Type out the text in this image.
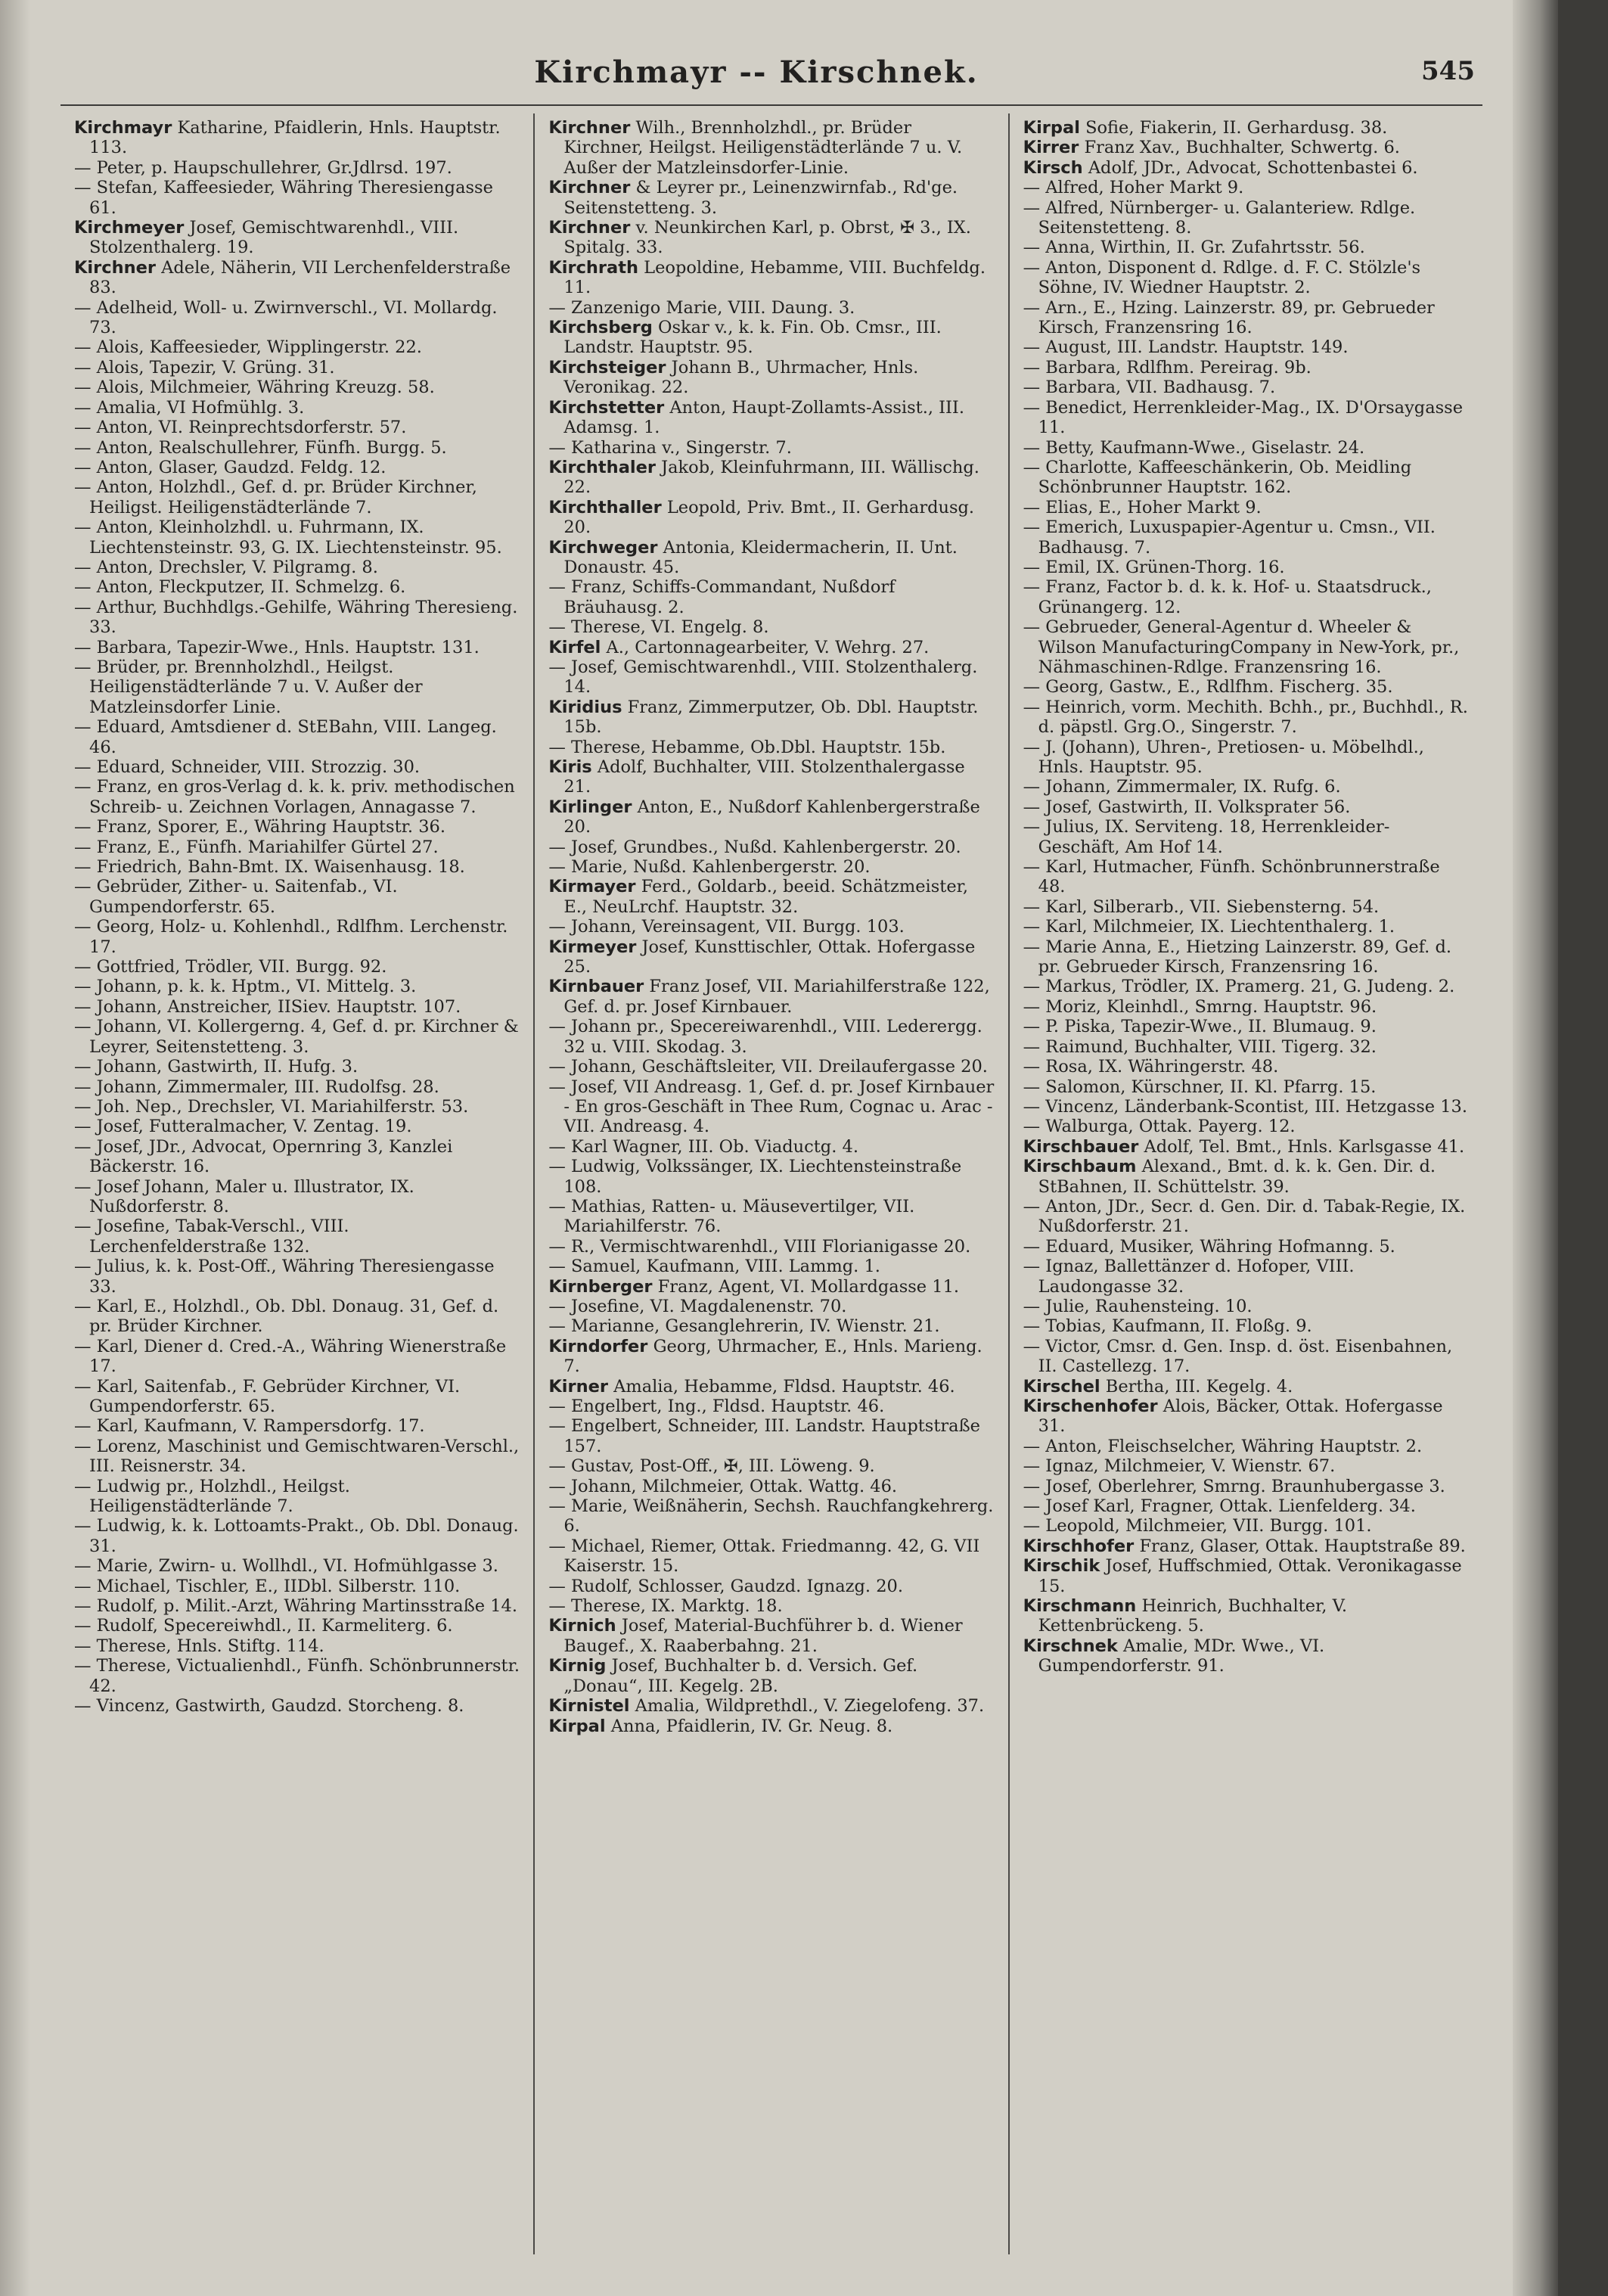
Kirchmayr -- Kirschnek.	545

Kirchmayr Katharine, Pfaidlerin, Hnls. Hauptstr. 113.

— Peter, p. Haupschullehrer, Gr.Jdlrsd. 197.

— Stefan, Kaffeesieder, Währing Theresiengasse 61.

Kirchmeyer Josef, Gemischtwarenhdl., VIII. Stolzenthalerg. 19.

Kirchner Adele, Näherin, VII Lerchenfelderstraße 83.

— Adelheid, Woll- u. Zwirnverschl., VI. Mollardg. 73.

— Alois, Kaffeesieder, Wipplingerstr. 22.

— Alois, Tapezir, V. Grüng. 31.

— Alois, Milchmeier, Währing Kreuzg. 58.

— Amalia, VI Hofmühlg. 3.

— Anton, VI. Reinprechtsdorferstr. 57.

— Anton, Realschullehrer, Fünfh. Burgg. 5.

— Anton, Glaser, Gaudzd. Feldg. 12.

— Anton, Holzhdl., Gef. d. pr. Brüder Kirchner, Heiligst. Heiligenstädterlände 7.

— Anton, Kleinholzhdl. u. Fuhrmann, IX. Liechtensteinstr. 93, G. IX. Liechtensteinstr. 95.

— Anton, Drechsler, V. Pilgramg. 8.

— Anton, Fleckputzer, II. Schmelzg. 6.

— Arthur, Buchhdlgs.-Gehilfe, Währing Theresieng. 33.

— Barbara, Tapezir-Wwe., Hnls. Hauptstr. 131.

— Brüder, pr. Brennholzhdl., Heilgst. Heiligenstädterlände 7 u. V. Außer der Matzleinsdorfer Linie.

— Eduard, Amtsdiener d. StEBahn, VIII. Langeg. 46.

— Eduard, Schneider, VIII. Strozzig. 30.

— Franz, en gros-Verlag d. k. k. priv. methodischen Schreib- u. Zeichnen Vorlagen, Annagasse 7.

— Franz, Sporer, E., Währing Hauptstr. 36.

— Franz, E., Fünfh. Mariahilfer Gürtel 27.

— Friedrich, Bahn-Bmt. IX. Waisenhausg. 18.

— Gebrüder, Zither- u. Saitenfab., VI. Gumpendorferstr. 65.

— Georg, Holz- u. Kohlenhdl., Rdlfhm. Lerchenstr. 17.

— Gottfried, Trödler, VII. Burgg. 92.

— Johann, p. k. k. Hptm., VI. Mittelg. 3.

— Johann, Anstreicher, IISiev. Hauptstr. 107.

— Johann, VI. Kollergerng. 4, Gef. d. pr. Kirchner & Leyrer, Seitenstetteng. 3.

— Johann, Gastwirth, II. Hufg. 3.

— Johann, Zimmermaler, III. Rudolfsg. 28.

— Joh. Nep., Drechsler, VI. Mariahilferstr. 53.

— Josef, Futteralmacher, V. Zentag. 19.

— Josef, JDr., Advocat, Opernring 3, Kanzlei Bäckerstr. 16.

— Josef Johann, Maler u. Illustrator, IX. Nußdorferstr. 8.

— Josefine, Tabak-Verschl., VIII. Lerchenfelderstraße 132.

— Julius, k. k. Post-Off., Währing Theresiengasse 33.

— Karl, E., Holzhdl., Ob. Dbl. Donaug. 31, Gef. d. pr. Brüder Kirchner.

— Karl, Diener d. Cred.-A., Währing Wienerstraße 17.

— Karl, Saitenfab., F. Gebrüder Kirchner, VI. Gumpendorferstr. 65.

— Karl, Kaufmann, V. Rampersdorfg. 17.

— Lorenz, Maschinist und Gemischtwaren-Verschl., III. Reisnerstr. 34.

— Ludwig pr., Holzhdl., Heilgst. Heiligenstädterlände 7.

— Ludwig, k. k. Lottoamts-Prakt., Ob. Dbl. Donaug. 31.

— Marie, Zwirn- u. Wollhdl., VI. Hofmühlgasse 3.

— Michael, Tischler, E., IIDbl. Silberstr. 110.

— Rudolf, p. Milit.-Arzt, Währing Martinsstraße 14.

— Rudolf, Specereiwhdl., II. Karmeliterg. 6.

— Therese, Hnls. Stiftg. 114.

— Therese, Victualienhdl., Fünfh. Schönbrunnerstr. 42.

— Vincenz, Gastwirth, Gaudzd. Storcheng. 8.

Kirchner Wilh., Brennholzhdl., pr. Brüder Kirchner, Heilgst. Heiligenstädterlände 7 u. V. Außer der Matzleinsdorfer-Linie.

Kirchner & Leyrer pr., Leinenzwirnfab., Rd'ge. Seitenstetteng. 3.

Kirchner v. Neunkirchen Karl, p. Obrst, ✠ 3., IX. Spitalg. 33.

Kirchrath Leopoldine, Hebamme, VIII. Buchfeldg. 11.

— Zanzenigo Marie, VIII. Daung. 3.

Kirchsberg Oskar v., k. k. Fin. Ob. Cmsr., III. Landstr. Hauptstr. 95.

Kirchsteiger Johann B., Uhrmacher, Hnls. Veronikag. 22.

Kirchstetter Anton, Haupt-Zollamts-Assist., III. Adamsg. 1.

— Katharina v., Singerstr. 7.

Kirchthaler Jakob, Kleinfuhrmann, III. Wällischg. 22.

Kirchthaller Leopold, Priv. Bmt., II. Gerhardusg. 20.

Kirchweger Antonia, Kleidermacherin, II. Unt. Donaustr. 45.

— Franz, Schiffs-Commandant, Nußdorf Bräuhausg. 2.

— Therese, VI. Engelg. 8.

Kirfel A., Cartonnagearbeiter, V. Wehrg. 27.

— Josef, Gemischtwarenhdl., VIII. Stolzenthalerg. 14.

Kiridius Franz, Zimmerputzer, Ob. Dbl. Hauptstr. 15b.

— Therese, Hebamme, Ob.Dbl. Hauptstr. 15b.

Kiris Adolf, Buchhalter, VIII. Stolzenthalergasse 21.

Kirlinger Anton, E., Nußdorf Kahlenbergerstraße 20.

— Josef, Grundbes., Nußd. Kahlenbergerstr. 20.

— Marie, Nußd. Kahlenbergerstr. 20.

Kirmayer Ferd., Goldarb., beeid. Schätzmeister, E., NeuLrchf. Hauptstr. 32.

— Johann, Vereinsagent, VII. Burgg. 103.

Kirmeyer Josef, Kunsttischler, Ottak. Hofergasse 25.

Kirnbauer Franz Josef, VII. Mariahilferstraße 122, Gef. d. pr. Josef Kirnbauer.

— Johann pr., Specereiwarenhdl., VIII. Lederergg. 32 u. VIII. Skodag. 3.

— Johann, Geschäftsleiter, VII. Dreilaufergasse 20.

— Josef, VII Andreasg. 1, Gef. d. pr. Josef Kirnbauer - En gros-Geschäft in Thee Rum, Cognac u. Arac - VII. Andreasg. 4.

— Karl Wagner, III. Ob. Viaductg. 4.

— Ludwig, Volkssänger, IX. Liechtensteinstraße 108.

— Mathias, Ratten- u. Mäusevertilger, VII. Mariahilferstr. 76.

— R., Vermischtwarenhdl., VIII Florianigasse 20.

— Samuel, Kaufmann, VIII. Lammg. 1.

Kirnberger Franz, Agent, VI. Mollardgasse 11.

— Josefine, VI. Magdalenenstr. 70.

— Marianne, Gesanglehrerin, IV. Wienstr. 21.

Kirndorfer Georg, Uhrmacher, E., Hnls. Marieng. 7.

Kirner Amalia, Hebamme, Fldsd. Hauptstr. 46.

— Engelbert, Ing., Fldsd. Hauptstr. 46.

— Engelbert, Schneider, III. Landstr. Hauptstraße 157.

— Gustav, Post-Off., ✠, III. Löweng. 9.

— Johann, Milchmeier, Ottak. Wattg. 46.

— Marie, Weißnäherin, Sechsh. Rauchfangkehrerg. 6.

— Michael, Riemer, Ottak. Friedmanng. 42, G. VII Kaiserstr. 15.

— Rudolf, Schlosser, Gaudzd. Ignazg. 20.

— Therese, IX. Marktg. 18.

Kirnich Josef, Material-Buchführer b. d. Wiener Baugef., X. Raaberbahng. 21.

Kirnig Josef, Buchhalter b. d. Versich. Gef. „Donau“, III. Kegelg. 2B.

Kirnistel Amalia, Wildprethdl., V. Ziegelofeng. 37.

Kirpal Anna, Pfaidlerin, IV. Gr. Neug. 8.

Kirpal Sofie, Fiakerin, II. Gerhardusg. 38.

Kirrer Franz Xav., Buchhalter, Schwertg. 6.

Kirsch Adolf, JDr., Advocat, Schottenbastei 6.

— Alfred, Hoher Markt 9.

— Alfred, Nürnberger- u. Galanteriew. Rdlge. Seitenstetteng. 8.

— Anna, Wirthin, II. Gr. Zufahrtsstr. 56.

— Anton, Disponent d. Rdlge. d. F. C. Stölzle's Söhne, IV. Wiedner Hauptstr. 2.

— Arn., E., Hzing. Lainzerstr. 89, pr. Gebrueder Kirsch, Franzensring 16.

— August, III. Landstr. Hauptstr. 149.

— Barbara, Rdlfhm. Pereirag. 9b.

— Barbara, VII. Badhausg. 7.

— Benedict, Herrenkleider-Mag., IX. D'Orsaygasse 11.

— Betty, Kaufmann-Wwe., Giselastr. 24.

— Charlotte, Kaffeeschänkerin, Ob. Meidling Schönbrunner Hauptstr. 162.

— Elias, E., Hoher Markt 9.

— Emerich, Luxuspapier-Agentur u. Cmsn., VII. Badhausg. 7.

— Emil, IX. Grünen-Thorg. 16.

— Franz, Factor b. d. k. k. Hof- u. Staatsdruck., Grünangerg. 12.

— Gebrueder, General-Agentur d. Wheeler & Wilson ManufacturingCompany in New-York, pr., Nähmaschinen-Rdlge. Franzensring 16.

— Georg, Gastw., E., Rdlfhm. Fischerg. 35.

— Heinrich, vorm. Mechith. Bchh., pr., Buchhdl., R. d. päpstl. Grg.O., Singerstr. 7.

— J. (Johann), Uhren-, Pretiosen- u. Möbelhdl., Hnls. Hauptstr. 95.

— Johann, Zimmermaler, IX. Rufg. 6.

— Josef, Gastwirth, II. Volksprater 56.

— Julius, IX. Serviteng. 18, Herrenkleider-Geschäft, Am Hof 14.

— Karl, Hutmacher, Fünfh. Schönbrunnerstraße 48.

— Karl, Silberarb., VII. Siebensterng. 54.

— Karl, Milchmeier, IX. Liechtenthalerg. 1.

— Marie Anna, E., Hietzing Lainzerstr. 89, Gef. d. pr. Gebrueder Kirsch, Franzensring 16.

— Markus, Trödler, IX. Pramerg. 21, G. Judeng. 2.

— Moriz, Kleinhdl., Smrng. Hauptstr. 96.

— P. Piska, Tapezir-Wwe., II. Blumaug. 9.

— Raimund, Buchhalter, VIII. Tigerg. 32.

— Rosa, IX. Währingerstr. 48.

— Salomon, Kürschner, II. Kl. Pfarrg. 15.

— Vincenz, Länderbank-Scontist, III. Hetzgasse 13.

— Walburga, Ottak. Payerg. 12.

Kirschbauer Adolf, Tel. Bmt., Hnls. Karlsgasse 41.

Kirschbaum Alexand., Bmt. d. k. k. Gen. Dir. d. StBahnen, II. Schüttelstr. 39.

— Anton, JDr., Secr. d. Gen. Dir. d. Tabak-Regie, IX. Nußdorferstr. 21.

— Eduard, Musiker, Währing Hofmanng. 5.

— Ignaz, Ballettänzer d. Hofoper, VIII. Laudongasse 32.

— Julie, Rauhensteing. 10.

— Tobias, Kaufmann, II. Floßg. 9.

— Victor, Cmsr. d. Gen. Insp. d. öst. Eisenbahnen, II. Castellezg. 17.

Kirschel Bertha, III. Kegelg. 4.

Kirschenhofer Alois, Bäcker, Ottak. Hofergasse 31.

— Anton, Fleischselcher, Währing Hauptstr. 2.

— Ignaz, Milchmeier, V. Wienstr. 67.

— Josef, Oberlehrer, Smrng. Braunhubergasse 3.

— Josef Karl, Fragner, Ottak. Lienfelderg. 34.

— Leopold, Milchmeier, VII. Burgg. 101.

Kirschhofer Franz, Glaser, Ottak. Hauptstraße 89.

Kirschik Josef, Huffschmied, Ottak. Veronikagasse 15.

Kirschmann Heinrich, Buchhalter, V. Kettenbrückeng. 5.

Kirschnek Amalie, MDr. Wwe., VI. Gumpendorferstr. 91.
